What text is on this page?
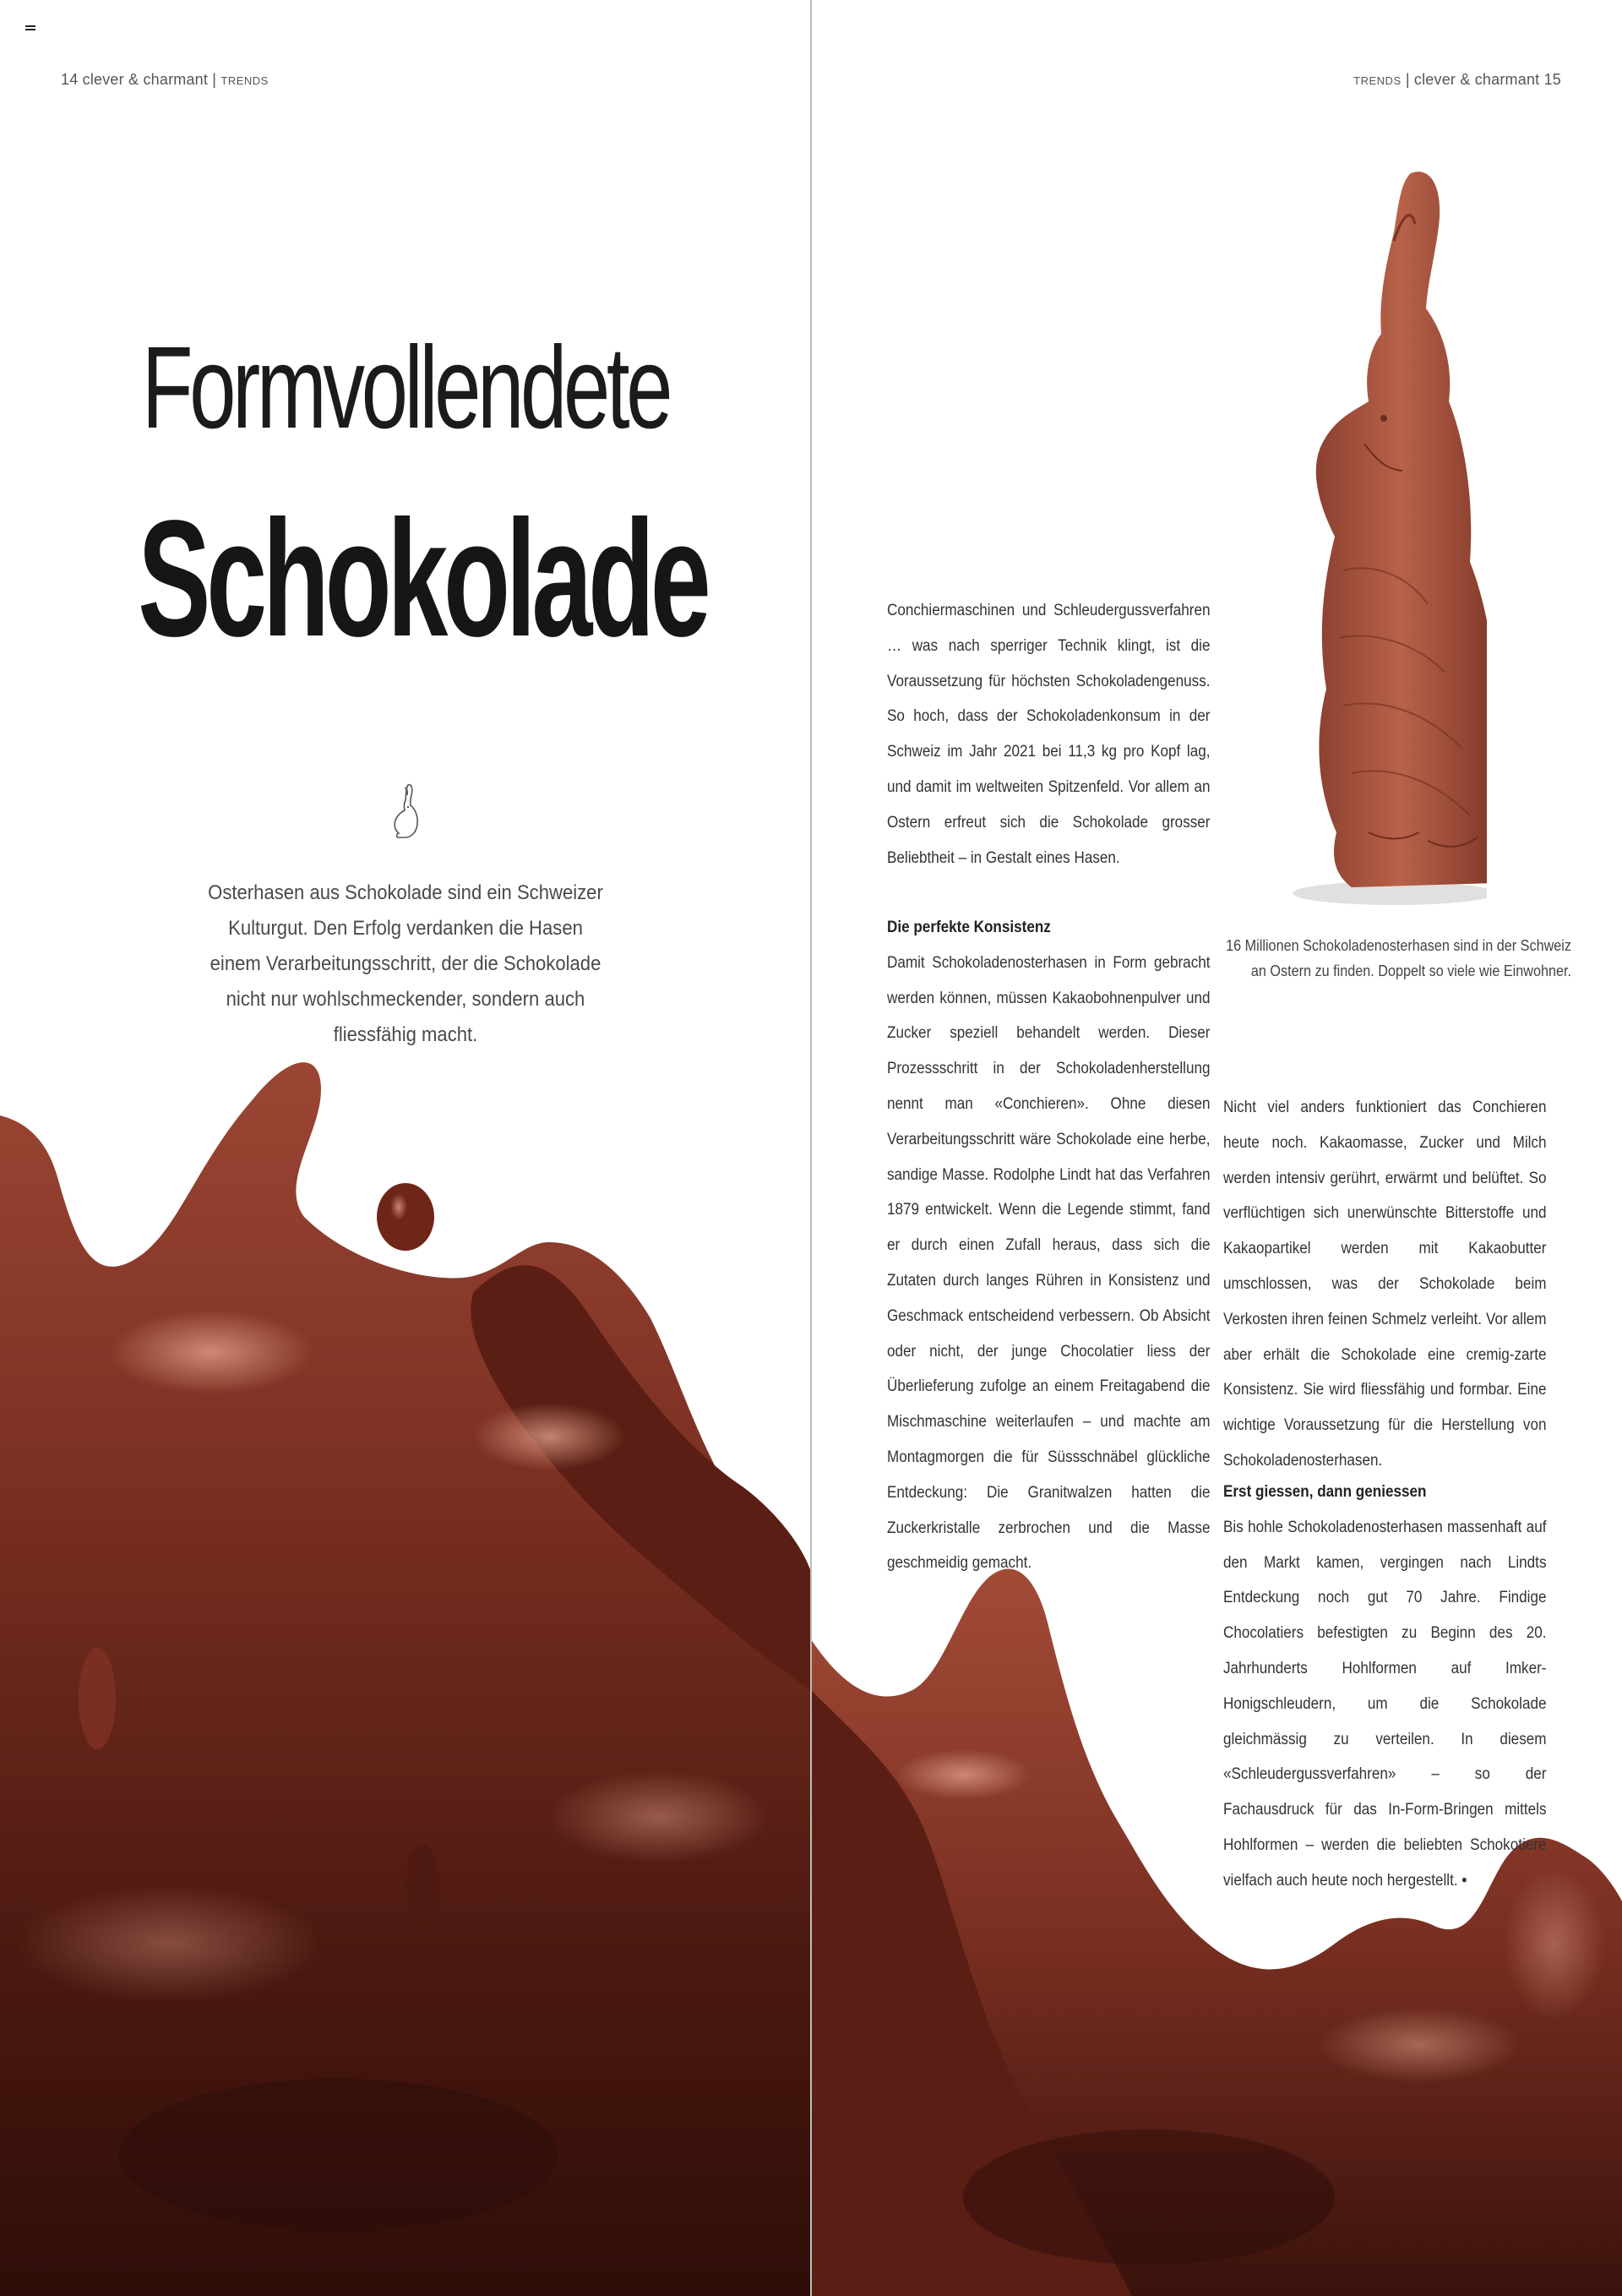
14 clever & charmant | TRENDS
Formvollendete
Schokolade
Osterhasen aus Schokolade sind ein Schweizer Kulturgut. Den Erfolg verdanken die Hasen einem Verarbeitungsschritt, der die Schokolade nicht nur wohlschmeckender, sondern auch fliessfähig macht.
TRENDS | clever & charmant 15

Conchiermaschinen und Schleudergussverfahren … was nach sperriger Technik klingt, ist die Voraussetzung für höchsten Schokoladengenuss. So hoch, dass der Schokoladenkonsum in der Schweiz im Jahr 2021 bei 11,3 kg pro Kopf lag, und damit im weltweiten Spitzenfeld. Vor allem an Ostern erfreut sich die Schokolade grosser Beliebtheit – in Gestalt eines Hasen.

16 Millionen Schokoladenosterhasen sind in der Schweiz an Ostern zu finden. Doppelt so viele wie Einwohner.
Die perfekte Konsistenz

Damit Schokoladenosterhasen in Form gebracht werden können, müssen Kakaobohnenpulver und Zucker speziell behandelt werden. Dieser Prozessschritt in der Schokoladenherstellung nennt man «Conchieren». Ohne diesen Verarbeitungsschritt wäre Schokolade eine herbe, sandige Masse. Rodolphe Lindt hat das Verfahren 1879 entwickelt. Wenn die Legende stimmt, fand er durch einen Zufall heraus, dass sich die Zutaten durch langes Rühren in Konsistenz und Geschmack entscheidend verbessern. Ob Absicht oder nicht, der junge Chocolatier liess der Überlieferung zufolge an einem Freitagabend die Mischmaschine weiterlaufen – und machte am Montagmorgen die für Süssschnäbel glückliche Entdeckung: Die Granitwalzen hatten die Zuckerkristalle zerbrochen und die Masse geschmeidig gemacht.

Nicht viel anders funktioniert das Conchieren heute noch. Kakaomasse, Zucker und Milch werden intensiv gerührt, erwärmt und belüftet. So verflüchtigen sich unerwünschte Bitterstoffe und Kakaopartikel werden mit Kakaobutter umschlossen, was der Schokolade beim Verkosten ihren feinen Schmelz verleiht. Vor allem aber erhält die Schokolade eine cremig-zarte Konsistenz. Sie wird fliessfähig und formbar. Eine wichtige Voraussetzung für die Herstellung von Schokoladenosterhasen.

Erst giessen, dann geniessen

Bis hohle Schokoladenosterhasen massenhaft auf den Markt kamen, vergingen nach Lindts Entdeckung noch gut 70 Jahre. Findige Chocolatiers befestigten zu Beginn des 20. Jahrhunderts Hohlformen auf Imker-Honigschleudern, um die Schokolade gleichmässig zu verteilen. In diesem «Schleudergussverfahren» – so der Fachausdruck für das In-Form-Bringen mittels Hohlformen – werden die beliebten Schokotiere vielfach auch heute noch hergestellt. •
